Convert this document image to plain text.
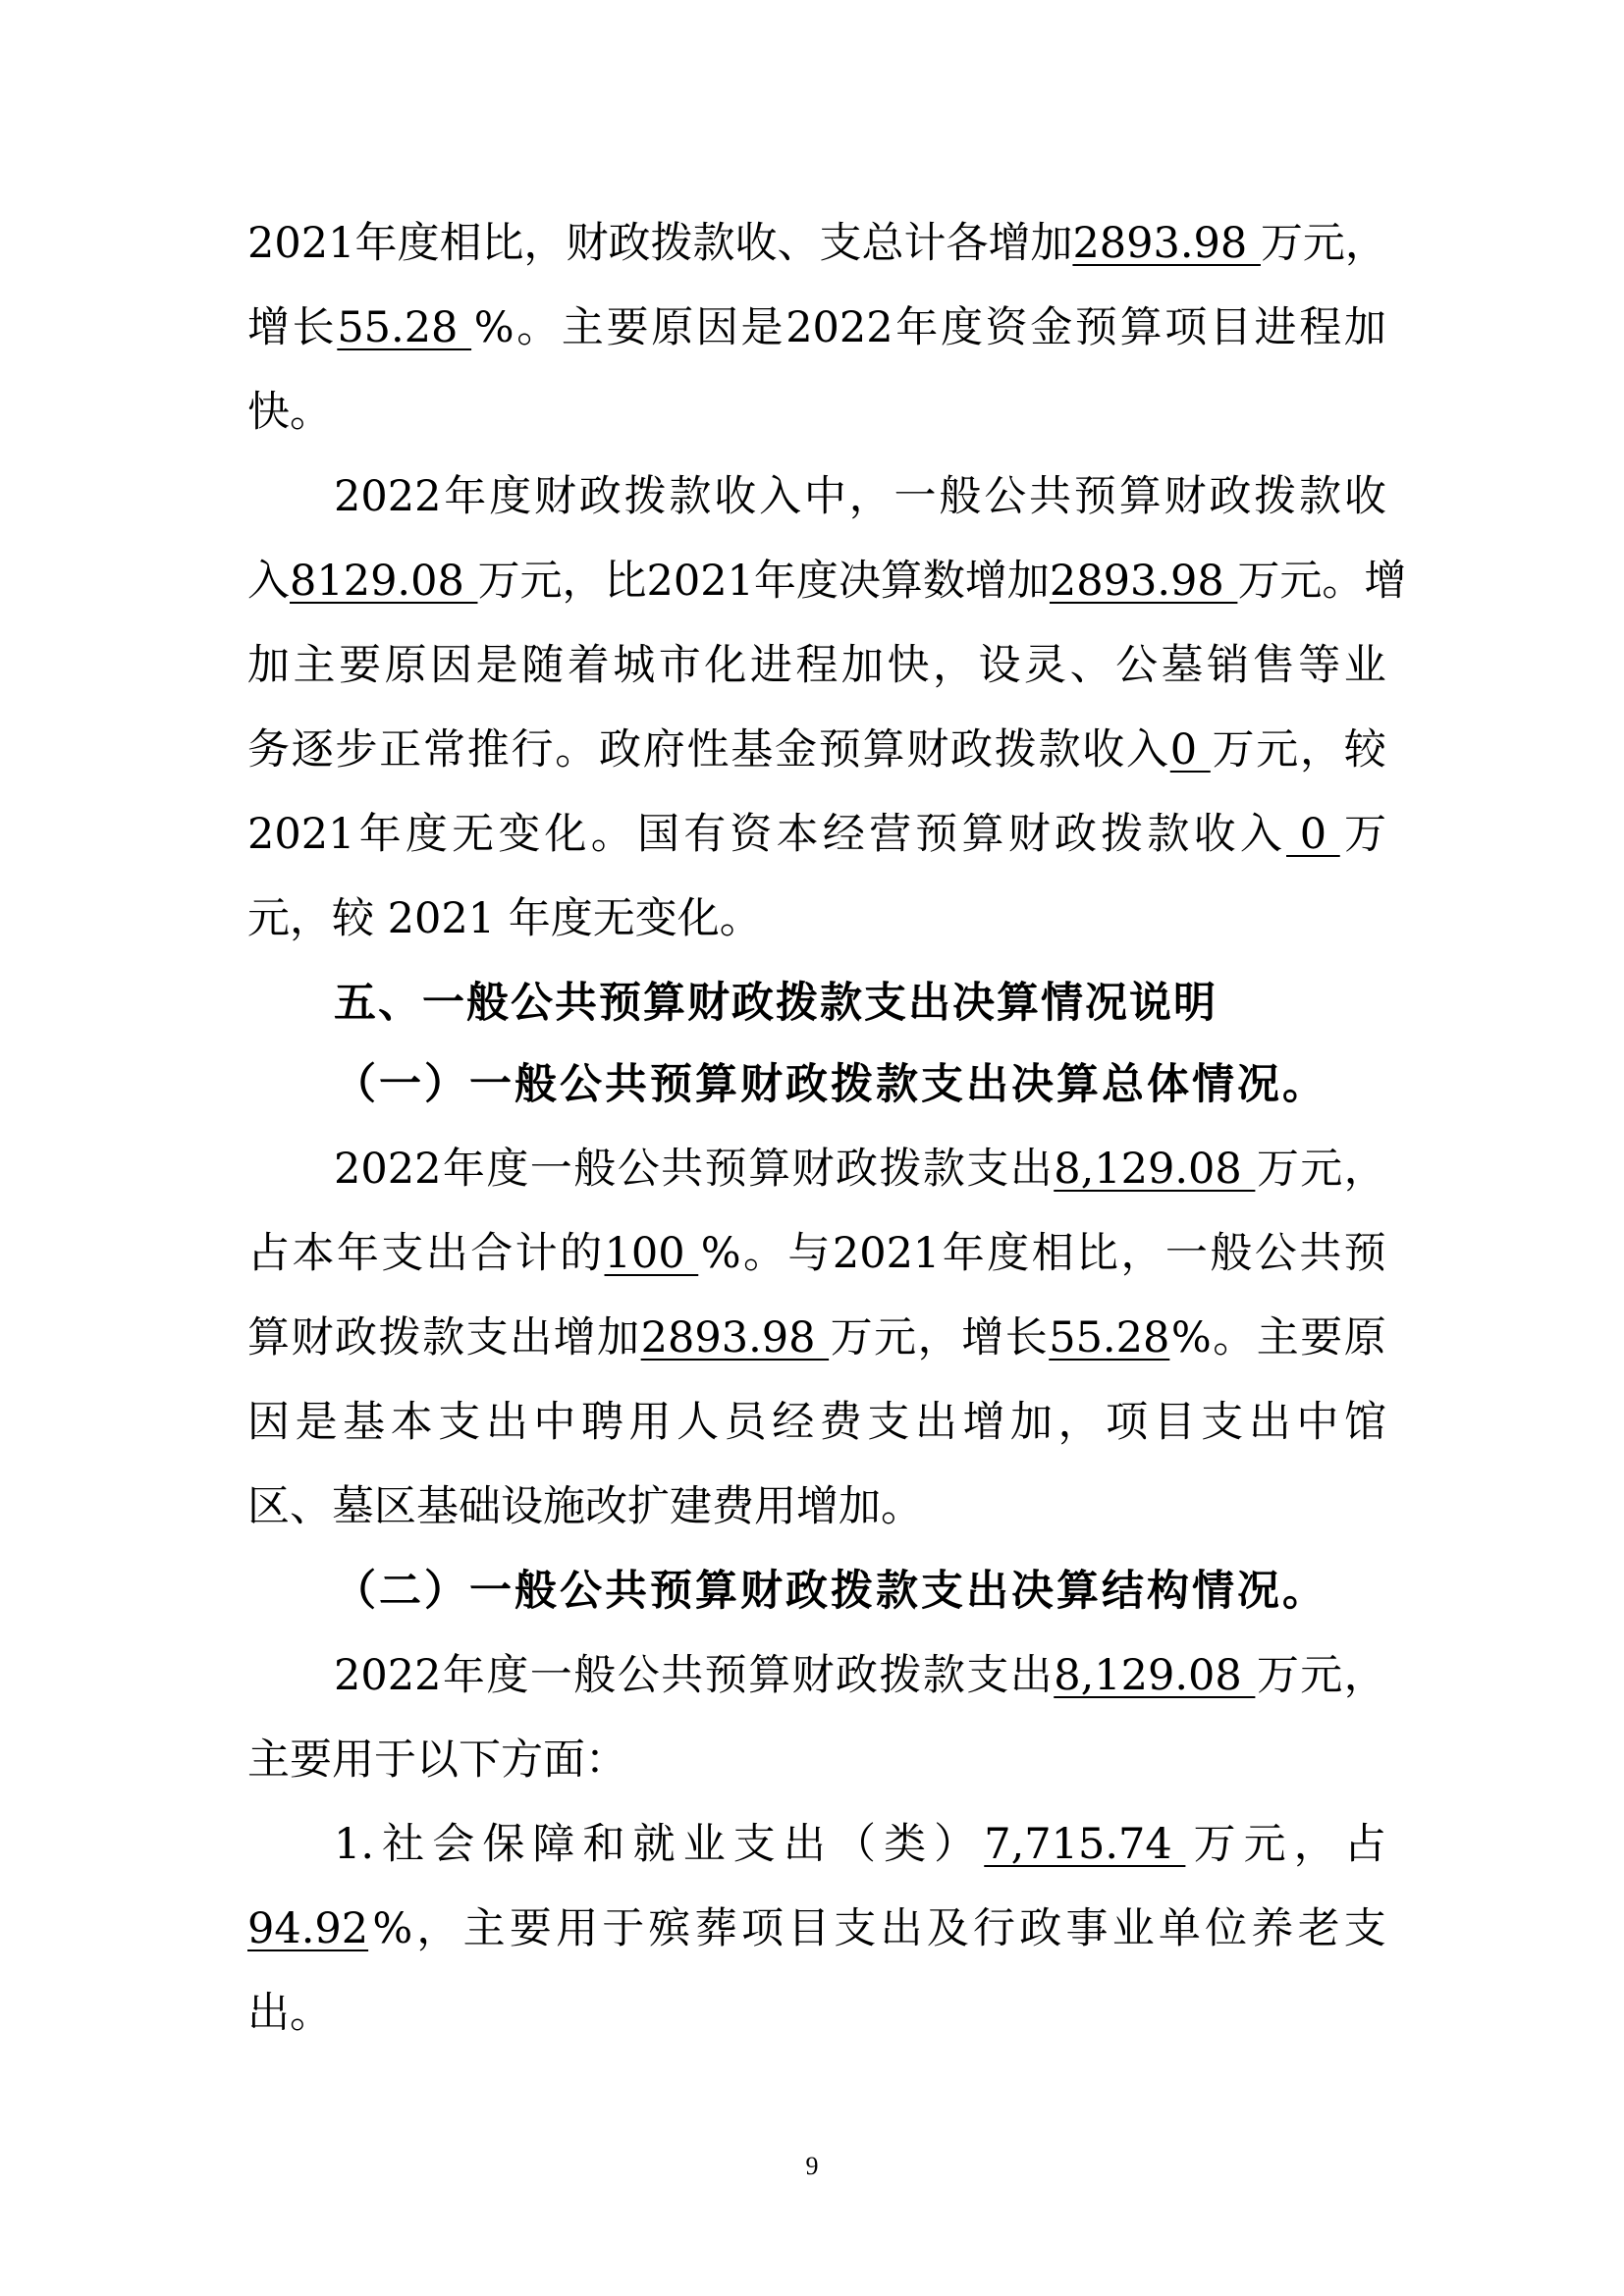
2021 年 度 相 比 ， 财 政 拨 款 收 、 支 总 计 各 增 加 2893.98 万 元 ，
增 长 55.28 % 。 主 要 原 因 是 2022 年 度 资 金 预 算 项 目 进 程 加
快。
2022 年 度 财 政 拨 款 收 入 中 ， 一 般 公 共 预 算 财 政 拨 款 收
入 8129.08 万 元 ， 比 2021 年 度 决 算 数 增 加 2893.98 万 元 。 增
加 主 要 原 因 是 随 着 城 市 化 进 程 加 快 ， 设 灵 、 公 墓 销 售 等 业
务 逐 步 正 常 推 行 。 政 府 性 基 金 预 算 财 政 拨 款 收 入 0 万 元 ， 较
2021 年 度 无 变 化 。 国 有 资 本 经 营 预 算 财 政 拨 款 收 入 0 万
元，较 2021 年度无变化。
五、一般公共预算财政拨款支出决算情况说明
（一）一般公共预算财政拨款支出决算总体情况。
2022 年 度 一 般 公 共 预 算 财 政 拨 款 支 出 8,129.08 万 元 ，
占 本 年 支 出 合 计 的 100 % 。 与 2021 年 度 相 比 ， 一 般 公 共 预
算 财 政 拨 款 支 出 增 加 2893.98 万 元 ， 增 长 55.28 % 。 主 要 原
因 是 基 本 支 出 中 聘 用 人 员 经 费 支 出 增 加 ， 项 目 支 出 中 馆
区、墓区基础设施改扩建费用增加。
（二）一般公共预算财政拨款支出决算结构情况。
2022 年 度 一 般 公 共 预 算 财 政 拨 款 支 出 8,129.08 万 元 ，
主要用于以下方面：
1. 社 会 保 障 和 就 业 支 出 （ 类 ） 7,715.74 万 元 ， 占
94.92 % ， 主 要 用 于 殡 葬 项 目 支 出 及 行 政 事 业 单 位 养 老 支
出。
9
